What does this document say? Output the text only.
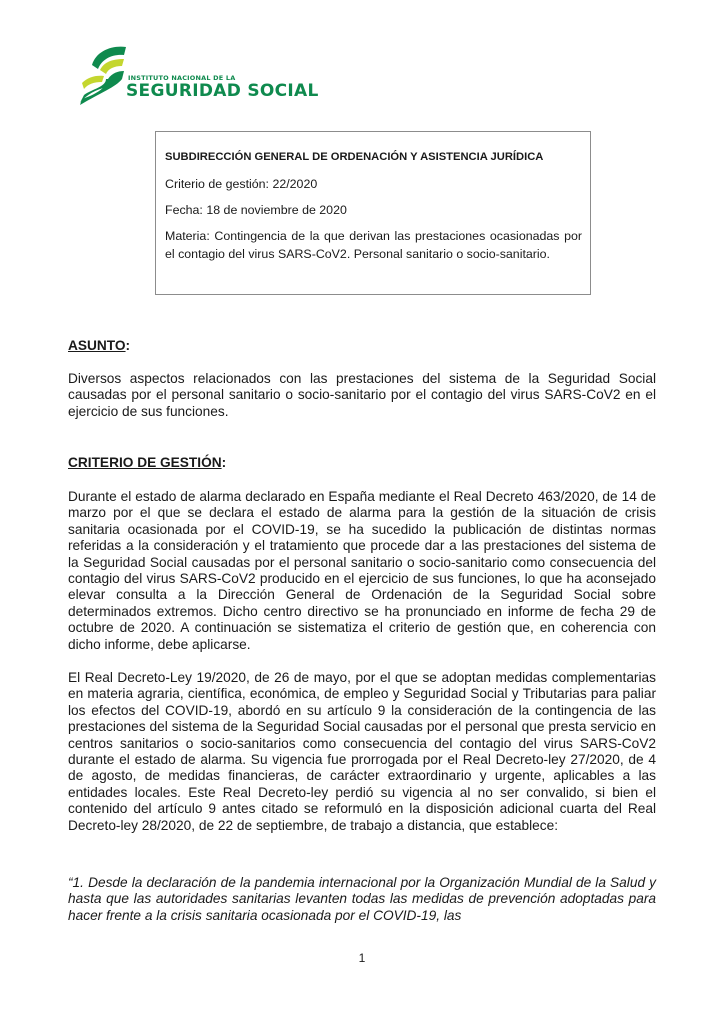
INSTITUTO NACIONAL DE LA
SEGURIDAD SOCIAL
SUBDIRECCIÓN GENERAL DE ORDENACIÓN Y ASISTENCIA JURÍDICA
Criterio de gestión: 22/2020
Fecha: 18 de noviembre de 2020
Materia: Contingencia de la que derivan las prestaciones ocasionadas por el contagio del virus SARS-CoV2. Personal sanitario o socio-sanitario.
ASUNTO:
Diversos aspectos relacionados con las prestaciones del sistema de la Seguridad Social causadas por el personal sanitario o socio-sanitario por el contagio del virus SARS-CoV2 en el ejercicio de sus funciones.
CRITERIO DE GESTIÓN:
Durante el estado de alarma declarado en España mediante el Real Decreto 463/2020, de 14 de marzo por el que se declara el estado de alarma para la gestión de la situación de crisis sanitaria ocasionada por el COVID-19, se ha sucedido la publicación de distintas normas referidas a la consideración y el tratamiento que procede dar a las prestaciones del sistema de la Seguridad Social causadas por el personal sanitario o socio-sanitario como consecuencia del contagio del virus SARS-CoV2 producido en el ejercicio de sus funciones, lo que ha aconsejado elevar consulta a la Dirección General de Ordenación de la Seguridad Social sobre determinados extremos. Dicho centro directivo se ha pronunciado en informe de fecha 29 de octubre de 2020. A continuación se sistematiza el criterio de gestión que, en coherencia con dicho informe, debe aplicarse.
El Real Decreto-Ley 19/2020, de 26 de mayo, por el que se adoptan medidas complementarias en materia agraria, científica, económica, de empleo y Seguridad Social y Tributarias para paliar los efectos del COVID-19, abordó en su artículo 9 la consideración de la contingencia de las prestaciones del sistema de la Seguridad Social causadas por el personal que presta servicio en centros sanitarios o socio-sanitarios como consecuencia del contagio del virus SARS-CoV2 durante el estado de alarma. Su vigencia fue prorrogada por el Real Decreto-ley 27/2020, de 4 de agosto, de medidas financieras, de carácter extraordinario y urgente, aplicables a las entidades locales. Este Real Decreto-ley perdió su vigencia al no ser convalido, si bien el contenido del artículo 9 antes citado se reformuló en la disposición adicional cuarta del Real Decreto-ley 28/2020, de 22 de septiembre, de trabajo a distancia, que establece:
“1. Desde la declaración de la pandemia internacional por la Organización Mundial de la Salud y hasta que las autoridades sanitarias levanten todas las medidas de prevención adoptadas para hacer frente a la crisis sanitaria ocasionada por el COVID-19, las
1
